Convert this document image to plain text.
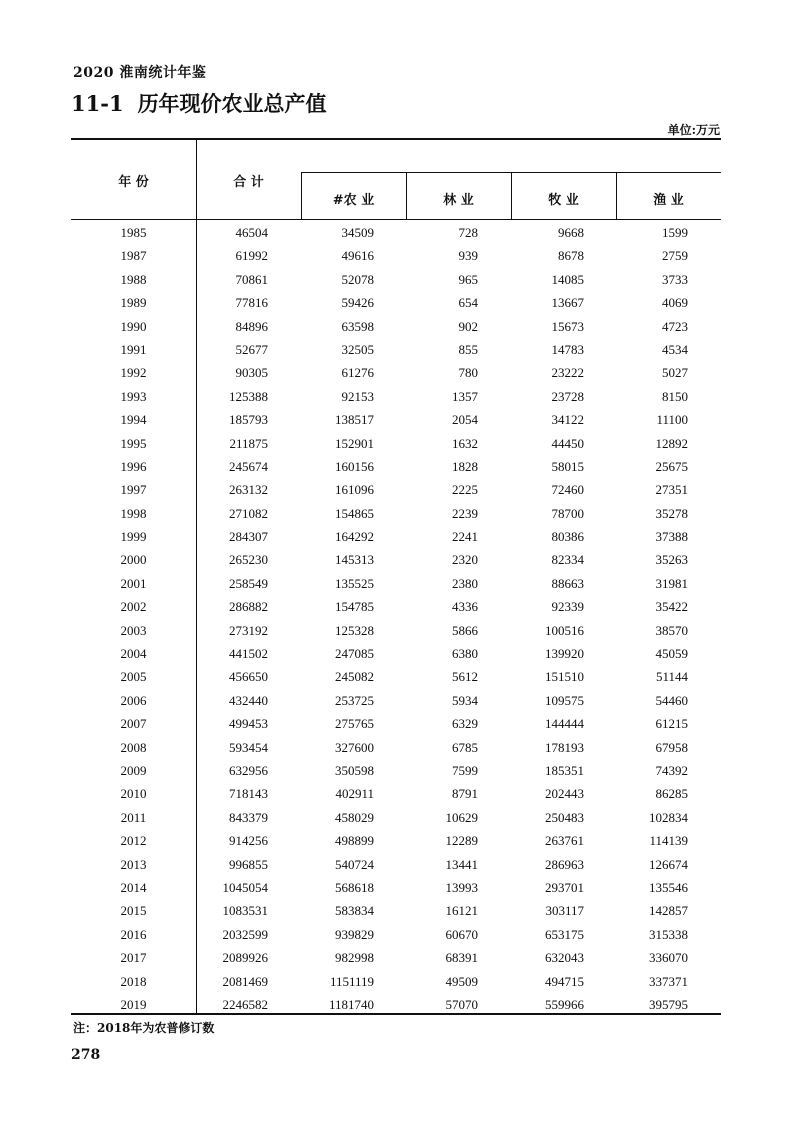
2020 淮南统计年鉴
11-1 历年现价农业总产值
单位:万元
年 份	合 计
#农 业	林 业	牧 业	渔 业
1985	46504	34509	728	9668	1599
1987	61992	49616	939	8678	2759
1988	70861	52078	965	14085	3733
1989	77816	59426	654	13667	4069
1990	84896	63598	902	15673	4723
1991	52677	32505	855	14783	4534
1992	90305	61276	780	23222	5027
1993	125388	92153	1357	23728	8150
1994	185793	138517	2054	34122	11100
1995	211875	152901	1632	44450	12892
1996	245674	160156	1828	58015	25675
1997	263132	161096	2225	72460	27351
1998	271082	154865	2239	78700	35278
1999	284307	164292	2241	80386	37388
2000	265230	145313	2320	82334	35263
2001	258549	135525	2380	88663	31981
2002	286882	154785	4336	92339	35422
2003	273192	125328	5866	100516	38570
2004	441502	247085	6380	139920	45059
2005	456650	245082	5612	151510	51144
2006	432440	253725	5934	109575	54460
2007	499453	275765	6329	144444	61215
2008	593454	327600	6785	178193	67958
2009	632956	350598	7599	185351	74392
2010	718143	402911	8791	202443	86285
2011	843379	458029	10629	250483	102834
2012	914256	498899	12289	263761	114139
2013	996855	540724	13441	286963	126674
2014	1045054	568618	13993	293701	135546
2015	1083531	583834	16121	303117	142857
2016	2032599	939829	60670	653175	315338
2017	2089926	982998	68391	632043	336070
2018	2081469	1151119	49509	494715	337371
2019	2246582	1181740	57070	559966	395795
注：2018年为农普修订数
278
